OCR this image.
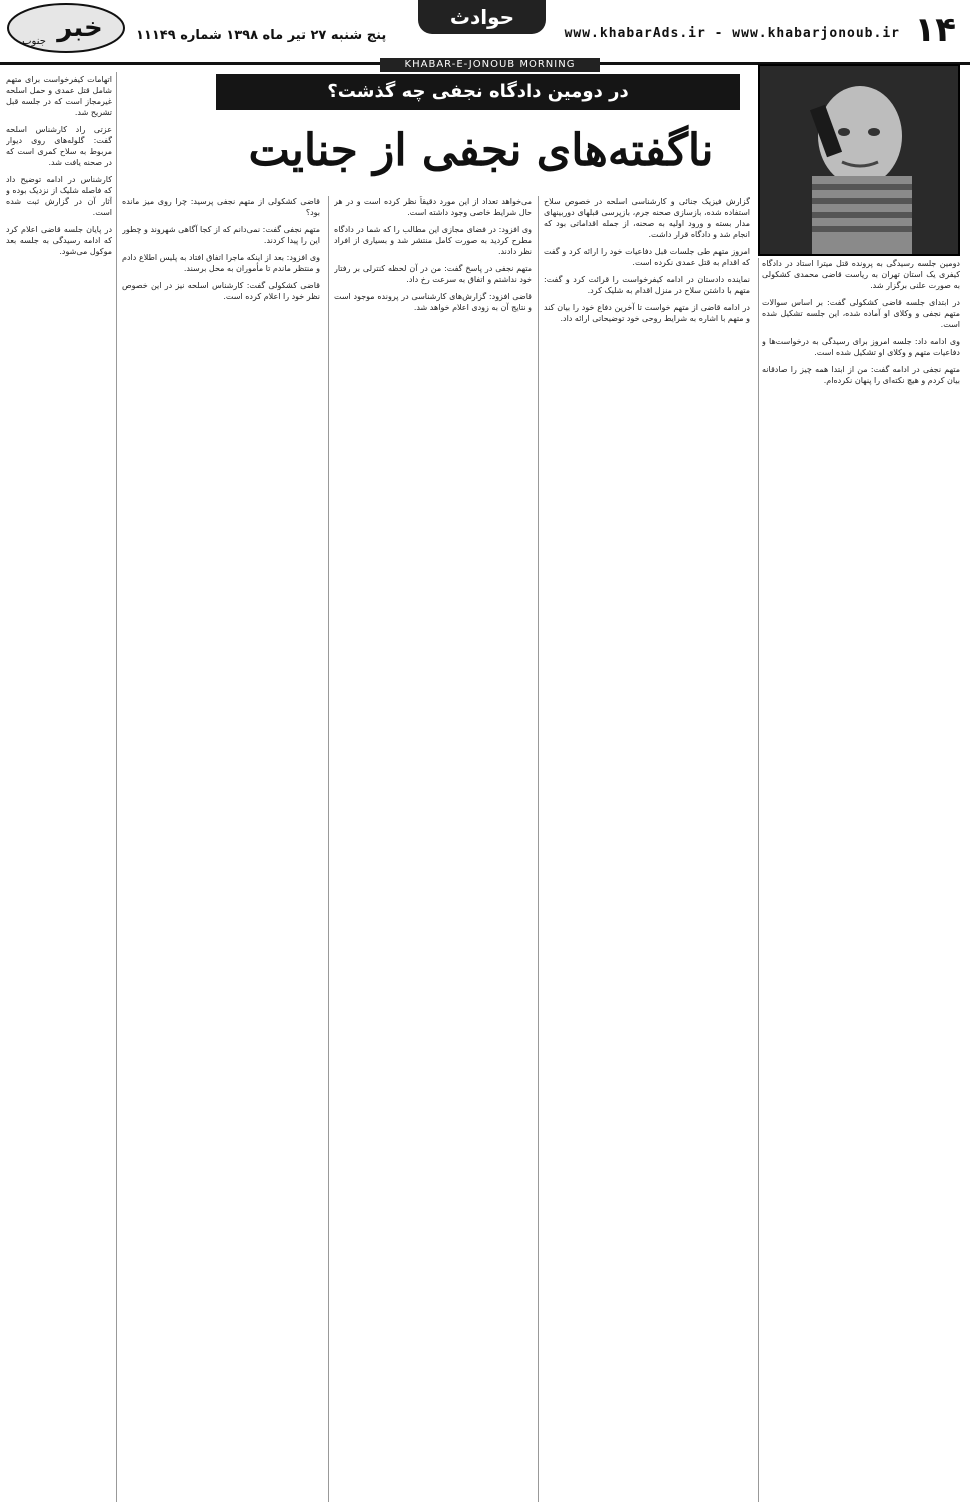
۱۴
www.khabarAds.ir - www.khabarjonoub.ir
حوادث
پنج شنبه ۲۷ تیر ماه ۱۳۹۸ شماره ۱۱۱۴۹
خبر
جنوب
KHABAR-E-JONOUB MORNING
در دومین دادگاه نجفی چه گذشت؟
ناگفته‌های نجفی از جنایت

دومین جلسه رسیدگی به پرونده قتل میترا استاد در دادگاه کیفری یک استان تهران به ریاست قاضی محمدی کشکولی به صورت علنی برگزار شد.

در ابتدای جلسه قاضی کشکولی گفت: بر اساس سوالات متهم نجفی و وکلای او آماده شده، این جلسه تشکیل شده است.

وی ادامه داد: جلسه امروز برای رسیدگی به درخواست‌ها و دفاعیات متهم و وکلای او تشکیل شده است.

متهم نجفی در ادامه گفت: من از ابتدا همه چیز را صادقانه بیان کردم و هیچ نکته‌ای را پنهان نکرده‌ام.

گزارش فیزیک جنائی و کارشناسی اسلحه در خصوص سلاح استفاده شده، بازسازی صحنه جرم، بازپرسی قبلهای دوربینهای مدار بسته و ورود اولیه به صحنه، از جمله اقداماتی بود که انجام شد و دادگاه قرار داشت.

امروز متهم طی جلسات قبل دفاعیات خود را ارائه کرد و گفت که اقدام به قتل عمدی نکرده است.

نماینده دادستان در ادامه کیفرخواست را قرائت کرد و گفت: متهم با داشتن سلاح در منزل اقدام به شلیک کرد.

در ادامه قاضی از متهم خواست تا آخرین دفاع خود را بیان کند و متهم با اشاره به شرایط روحی خود توضیحاتی ارائه داد.

می‌خواهد تعداد از این مورد دقیقاً نظر کرده است و در هر حال شرایط خاصی وجود داشته است.

وی افزود: در فضای مجازی این مطالب را که شما در دادگاه مطرح کردید به صورت کامل منتشر شد و بسیاری از افراد نظر دادند.

متهم نجفی در پاسخ گفت: من در آن لحظه کنترلی بر رفتار خود نداشتم و اتفاق به سرعت رخ داد.

قاضی افزود: گزارش‌های کارشناسی در پرونده موجود است و نتایج آن به زودی اعلام خواهد شد.

قاضی کشکولی از متهم نجفی پرسید: چرا روی میز مانده بود؟

متهم نجفی گفت: نمی‌دانم که از کجا آگاهی شهروند و چطور این را پیدا کردند.

وی افزود: بعد از اینکه ماجرا اتفاق افتاد به پلیس اطلاع دادم و منتظر ماندم تا مأموران به محل برسند.

قاضی کشکولی گفت: کارشناس اسلحه نیز در این خصوص نظر خود را اعلام کرده است.

اتهامات کیفرخواست برای متهم شامل قتل عمدی و حمل اسلحه غیرمجاز است که در جلسه قبل تشریح شد.

عزتی راد کارشناس اسلحه گفت: گلوله‌های روی دیوار مربوط به سلاح کمری است که در صحنه یافت شد.

کارشناس در ادامه توضیح داد که فاصله شلیک از نزدیک بوده و آثار آن در گزارش ثبت شده است.

در پایان جلسه قاضی اعلام کرد که ادامه رسیدگی به جلسه بعد موکول می‌شود.
